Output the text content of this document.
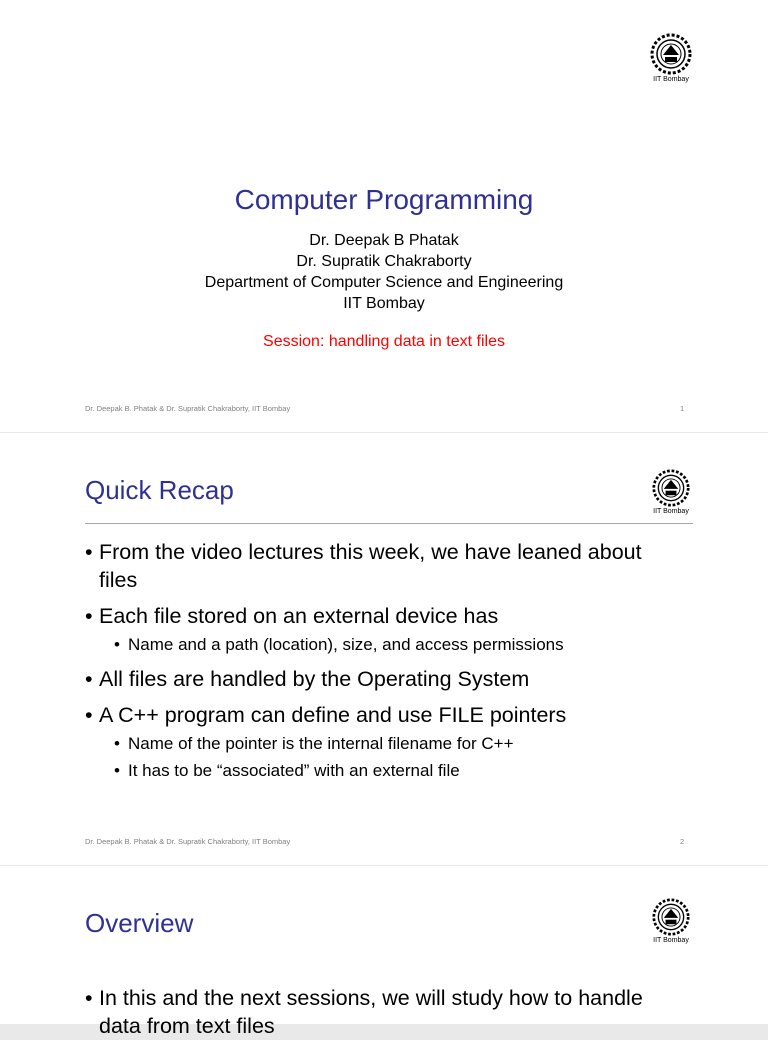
IIT Bombay
Computer Programming
Dr. Deepak B Phatak
Dr. Supratik Chakraborty
Department of Computer Science and Engineering
IIT Bombay
Session: handling data in text files
Dr. Deepak B. Phatak & Dr. Supratik Chakraborty, IIT Bombay	1
Quick Recap
IIT Bombay
• From the video lectures this week, we have leaned about files
• Each file stored on an external device has
• Name and a path (location), size, and access permissions
• All files are handled by the Operating System
• A C++ program can define and use FILE pointers
• Name of the pointer is the internal filename for C++
• It has to be “associated” with an external file
Dr. Deepak B. Phatak & Dr. Supratik Chakraborty, IIT Bombay	2
Overview
IIT Bombay
• In this and the next sessions, we will study how to handle data from text files
